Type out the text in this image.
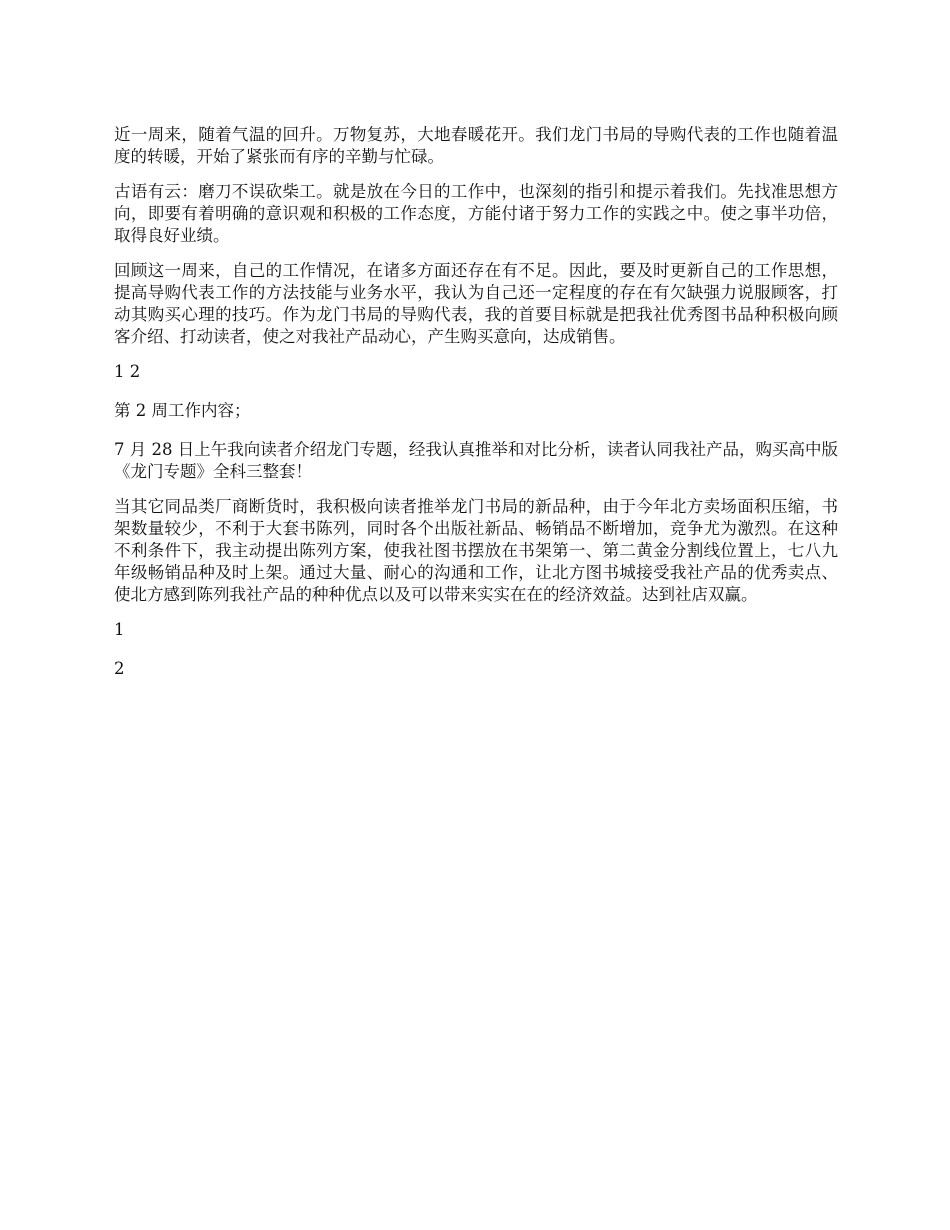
近一周来，随着气温的回升。万物复苏，大地春暖花开。我们龙门书局的导购代表的工作也随着温度的转暖，开始了紧张而有序的辛勤与忙碌。

古语有云：磨刀不误砍柴工。就是放在今日的工作中，也深刻的指引和提示着我们。先找准思想方向，即要有着明确的意识观和积极的工作态度，方能付诸于努力工作的实践之中。使之事半功倍，取得良好业绩。

回顾这一周来，自己的工作情况，在诸多方面还存在有不足。因此，要及时更新自己的工作思想，提高导购代表工作的方法技能与业务水平，我认为自己还一定程度的存在有欠缺强力说服顾客，打动其购买心理的技巧。作为龙门书局的导购代表，我的首要目标就是把我社优秀图书品种积极向顾客介绍、打动读者，使之对我社产品动心，产生购买意向，达成销售。

1 2

第 2 周工作内容；

7 月 28 日上午我向读者介绍龙门专题，经我认真推举和对比分析，读者认同我社产品，购买高中版《龙门专题》全科三整套！

当其它同品类厂商断货时，我积极向读者推举龙门书局的新品种，由于今年北方卖场面积压缩，书架数量较少，不利于大套书陈列，同时各个出版社新品、畅销品不断增加，竞争尤为激烈。在这种不利条件下，我主动提出陈列方案，使我社图书摆放在书架第一、第二黄金分割线位置上，七八九年级畅销品种及时上架。通过大量、耐心的沟通和工作，让北方图书城接受我社产品的优秀卖点、使北方感到陈列我社产品的种种优点以及可以带来实实在在的经济效益。达到社店双赢。

1

2
